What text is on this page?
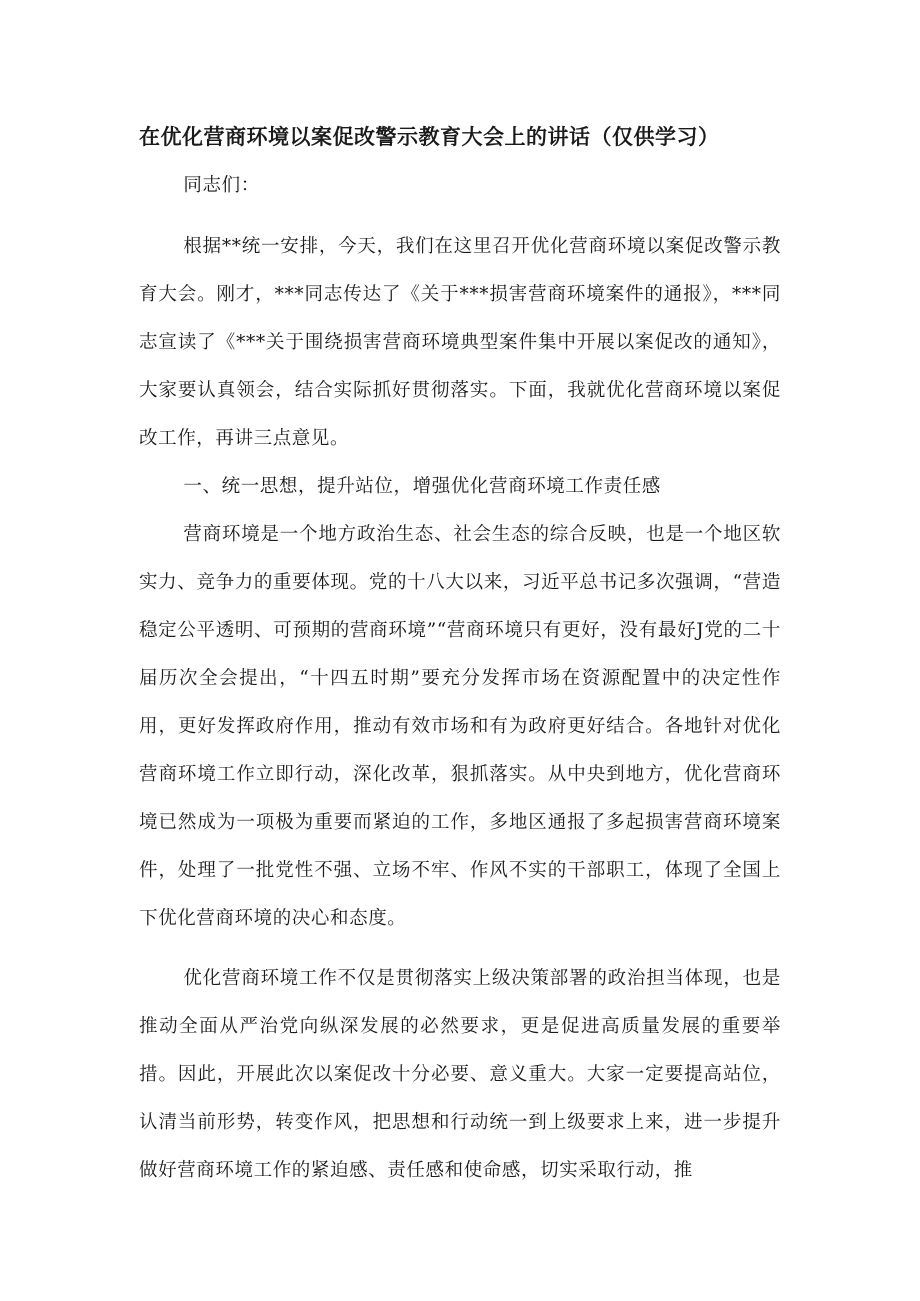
在优化营商环境以案促改警示教育大会上的讲话（仅供学习）

同志们：

根据**统一安排，今天，我们在这里召开优化营商环境以案促改警示教育大会。刚才，***同志传达了《关于***损害营商环境案件的通报》，***同志宣读了《***关于围绕损害营商环境典型案件集中开展以案促改的通知》，大家要认真领会，结合实际抓好贯彻落实。下面，我就优化营商环境以案促改工作，再讲三点意见。

一、统一思想，提升站位，增强优化营商环境工作责任感

营商环境是一个地方政治生态、社会生态的综合反映，也是一个地区软实力、竞争力的重要体现。党的十八大以来，习近平总书记多次强调，“营造稳定公平透明、可预期的营商环境”“营商环境只有更好，没有最好J党的二十届历次全会提出，“十四五时期”要充分发挥市场在资源配置中的决定性作用，更好发挥政府作用，推动有效市场和有为政府更好结合。各地针对优化营商环境工作立即行动，深化改革，狠抓落实。从中央到地方，优化营商环境已然成为一项极为重要而紧迫的工作，多地区通报了多起损害营商环境案件，处理了一批党性不强、立场不牢、作风不实的干部职工，体现了全国上下优化营商环境的决心和态度。

优化营商环境工作不仅是贯彻落实上级决策部署的政治担当体现，也是推动全面从严治党向纵深发展的必然要求，更是促进高质量发展的重要举措。因此，开展此次以案促改十分必要、意义重大。大家一定要提高站位，认清当前形势，转变作风，把思想和行动统一到上级要求上来，进一步提升做好营商环境工作的紧迫感、责任感和使命感，切实采取行动，推
